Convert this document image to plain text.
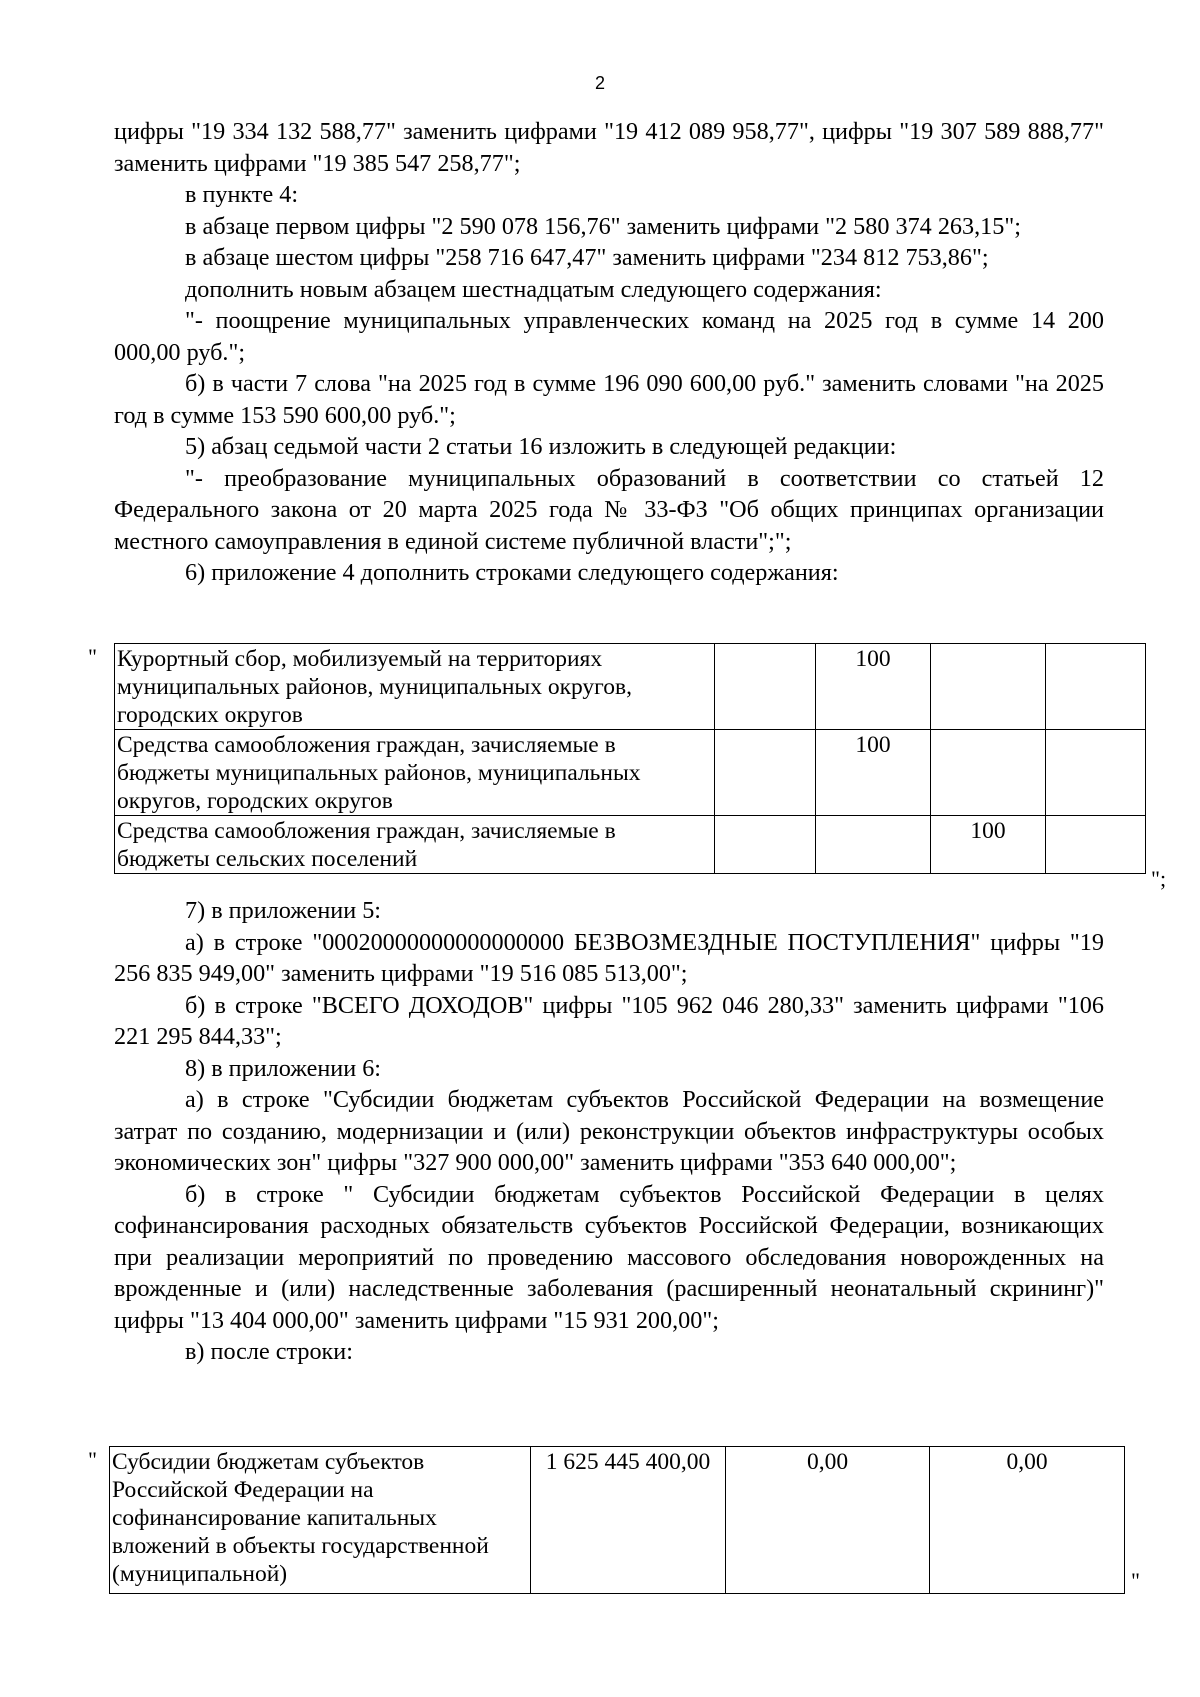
2

цифры "19 334 132 588,77" заменить цифрами "19 412 089 958,77", цифры "19 307 589 888,77" заменить цифрами "19 385 547 258,77";

в пункте 4:

в абзаце первом цифры "2 590 078 156,76" заменить цифрами "2 580 374 263,15";

в абзаце шестом цифры "258 716 647,47" заменить цифрами "234 812 753,86";

дополнить новым абзацем шестнадцатым следующего содержания:

"- поощрение муниципальных управленческих команд на 2025 год в сумме 14 200 000,00 руб.";

б) в части 7 слова "на 2025 год в сумме 196 090 600,00 руб." заменить словами "на 2025 год в сумме 153 590 600,00 руб.";

5) абзац седьмой части 2 статьи 16 изложить в следующей редакции:

"- преобразование муниципальных образований в соответствии со статьей 12 Федерального закона от 20 марта 2025 года № 33-ФЗ "Об общих принципах организации местного самоуправления в единой системе публичной власти";";

6) приложение 4 дополнить строками следующего содержания:

" Курортный сбор, мобилизуемый на территориях муниципальных районов, муниципальных округов, городских округов		100		
Средства самообложения граждан, зачисляемые в бюджеты муниципальных районов, муниципальных округов, городских округов		100		
Средства самообложения граждан, зачисляемые в бюджеты сельских поселений			100	
";

7) в приложении 5:

а) в строке "00020000000000000000 БЕЗВОЗМЕЗДНЫЕ ПОСТУПЛЕНИЯ" цифры "19 256 835 949,00" заменить цифрами "19 516 085 513,00";

б) в строке "ВСЕГО ДОХОДОВ" цифры "105 962 046 280,33" заменить цифрами "106 221 295 844,33";

8) в приложении 6:

а) в строке "Субсидии бюджетам субъектов Российской Федерации на возмещение затрат по созданию, модернизации и (или) реконструкции объектов инфраструктуры особых экономических зон" цифры "327 900 000,00" заменить цифрами "353 640 000,00";

б) в строке " Субсидии бюджетам субъектов Российской Федерации в целях софинансирования расходных обязательств субъектов Российской Федерации, возникающих при реализации мероприятий по проведению массового обследования новорожденных на врожденные и (или) наследственные заболевания (расширенный неонатальный скрининг)" цифры "13 404 000,00" заменить цифрами "15 931 200,00";

в) после строки:

" Субсидии бюджетам субъектов Российской Федерации на софинансирование капитальных вложений в объекты государственной (муниципальной)	1 625 445 400,00	0,00	0,00
"
